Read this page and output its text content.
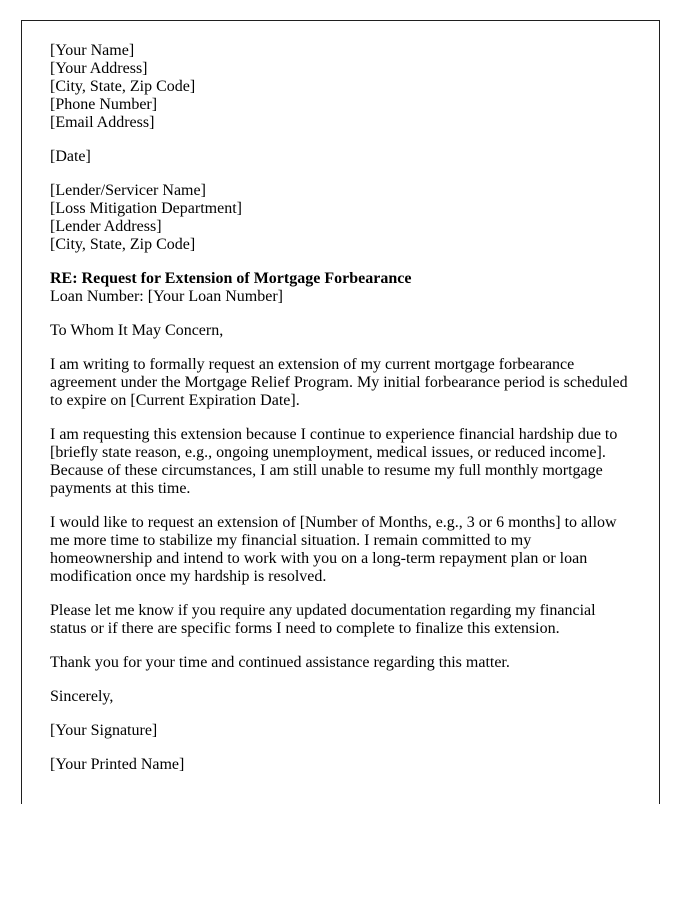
[Your Name]
[Your Address]
[City, State, Zip Code]
[Phone Number]
[Email Address]

[Date]

[Lender/Servicer Name]
[Loss Mitigation Department]
[Lender Address]
[City, State, Zip Code]

RE: Request for Extension of Mortgage Forbearance
Loan Number: [Your Loan Number]

To Whom It May Concern,

I am writing to formally request an extension of my current mortgage forbearance agreement under the Mortgage Relief Program. My initial forbearance period is scheduled to expire on [Current Expiration Date].

I am requesting this extension because I continue to experience financial hardship due to [briefly state reason, e.g., ongoing unemployment, medical issues, or reduced income]. Because of these circumstances, I am still unable to resume my full monthly mortgage payments at this time.

I would like to request an extension of [Number of Months, e.g., 3 or 6 months] to allow me more time to stabilize my financial situation. I remain committed to my homeownership and intend to work with you on a long-term repayment plan or loan modification once my hardship is resolved.

Please let me know if you require any updated documentation regarding my financial status or if there are specific forms I need to complete to finalize this extension.

Thank you for your time and continued assistance regarding this matter.

Sincerely,

[Your Signature]

[Your Printed Name]
